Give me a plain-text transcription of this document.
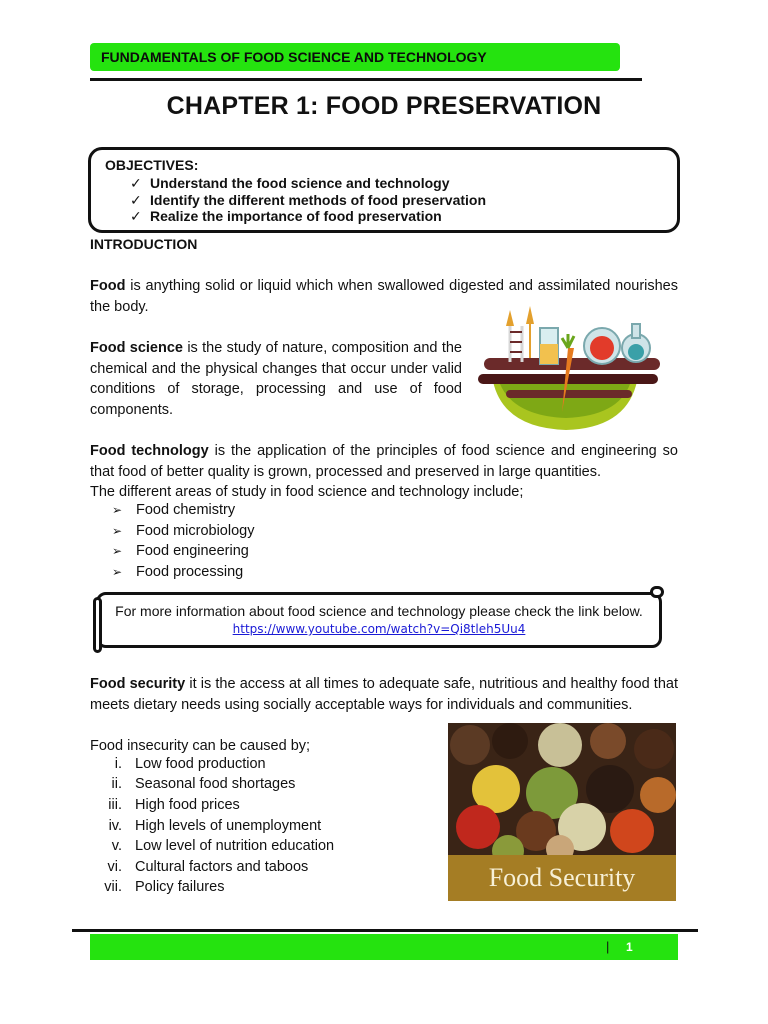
FUNDAMENTALS OF FOOD SCIENCE AND TECHNOLOGY
CHAPTER 1: FOOD PRESERVATION
OBJECTIVES:
✓ Understand the food science and technology
✓ Identify the different methods of food preservation
✓ Realize the importance of food preservation
INTRODUCTION
Food is anything solid or liquid which when swallowed digested and assimilated nourishes the body.
Food science is the study of nature, composition and the chemical and the physical changes that occur under valid conditions of storage, processing and use of food components.
Food technology is the application of the principles of food science and engineering so that food of better quality is grown, processed and preserved in large quantities.
The different areas of study in food science and technology include;
➢ Food chemistry
➢ Food microbiology
➢ Food engineering
➢ Food processing
For more information about food science and technology please check the link below.
https://www.youtube.com/watch?v=Qi8tleh5Uu4
Food security it is the access at all times to adequate safe, nutritious and healthy food that meets dietary needs using socially acceptable ways for individuals and communities.
Food insecurity can be caused by;
i. Low food production
ii. Seasonal food shortages
iii. High food prices
iv. High levels of unemployment
v. Low level of nutrition education
vi. Cultural factors and taboos
vii. Policy failures	Food Security
| 1
